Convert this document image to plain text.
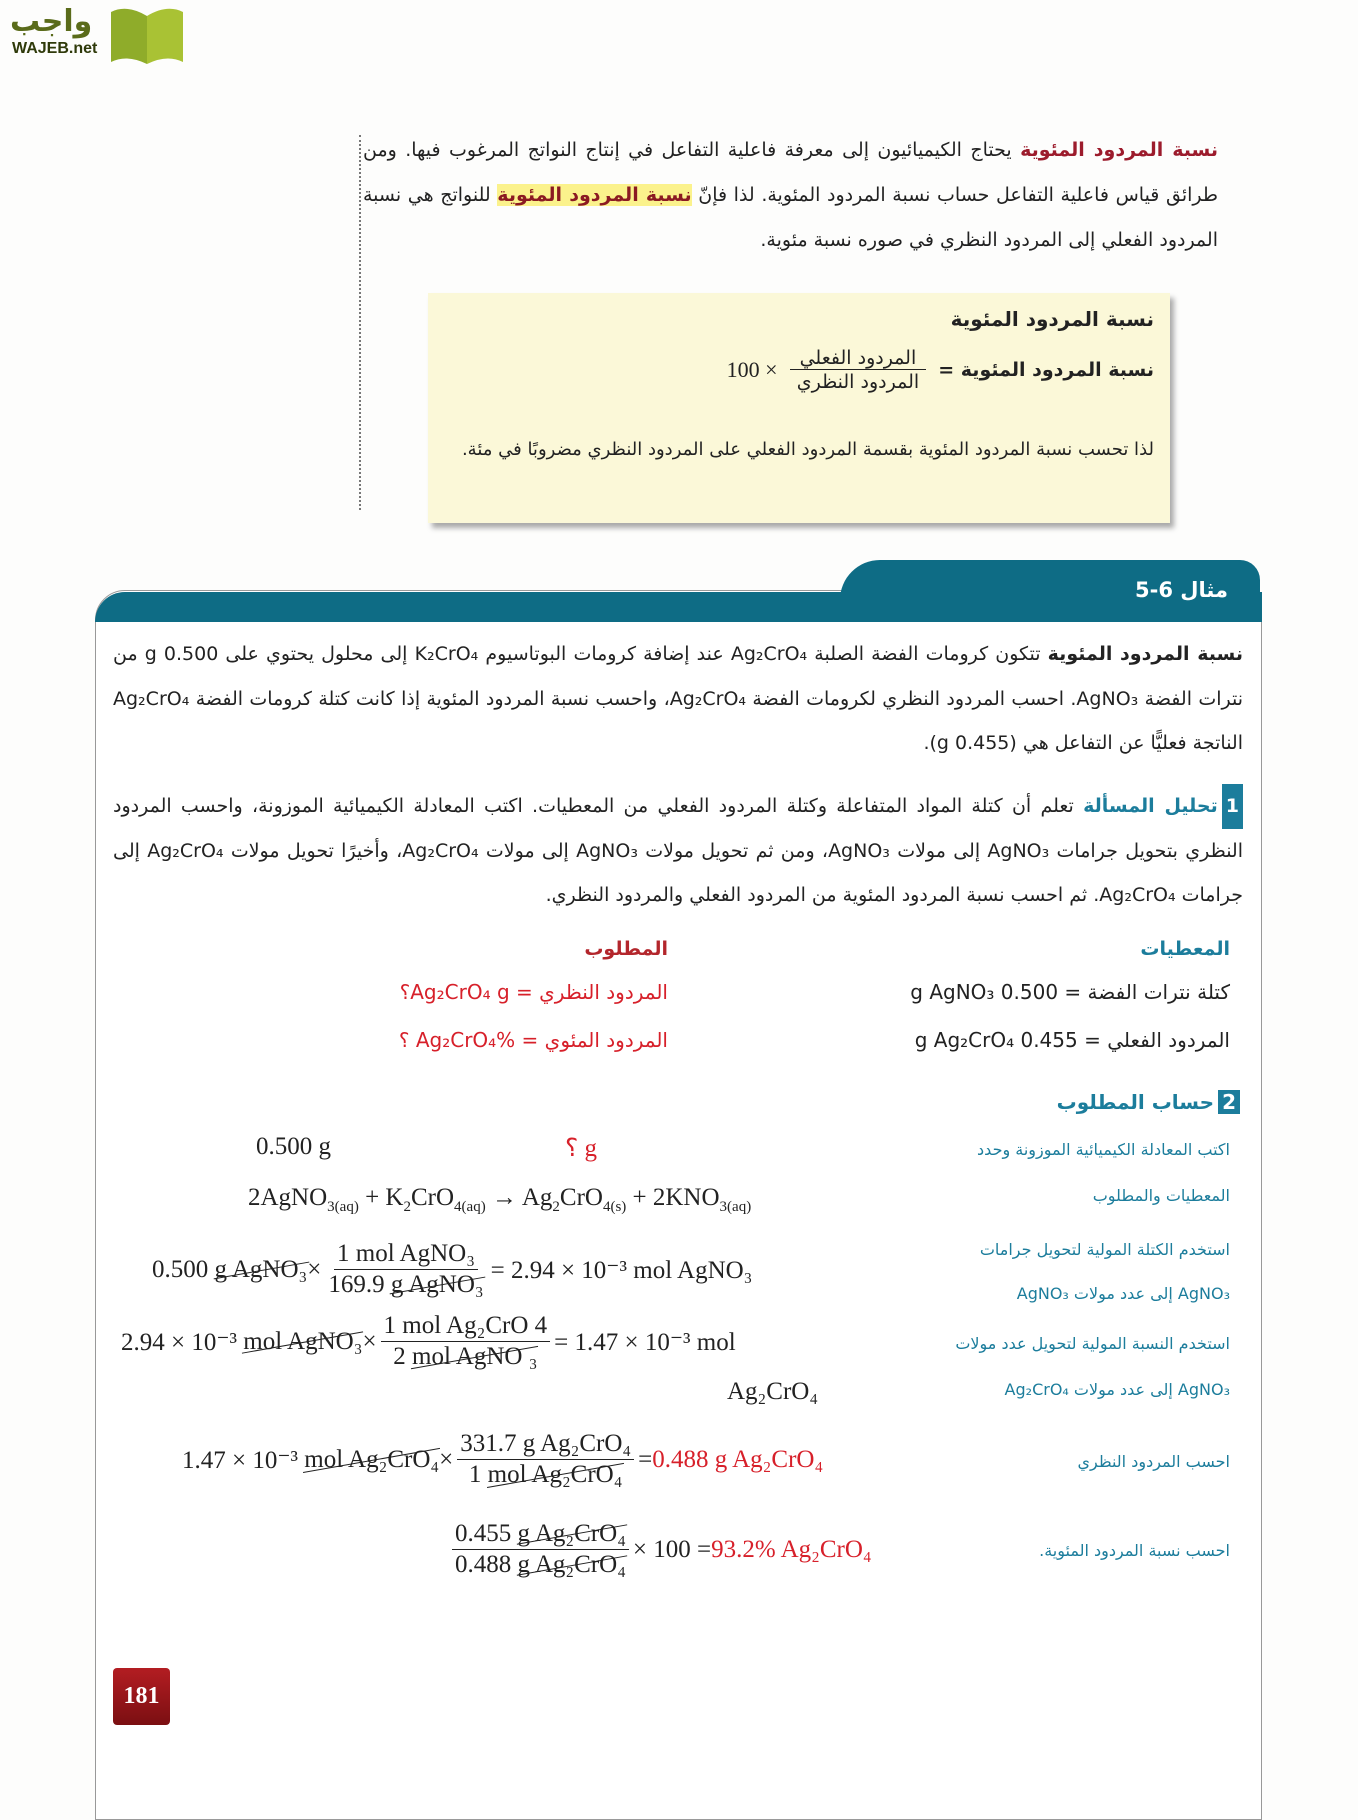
واجب
WAJEB.net

نسبة المردود المئوية يحتاج الكيميائيون إلى معرفة فاعلية التفاعل في إنتاج النواتج المرغوب فيها. ومن طرائق قياس فاعلية التفاعل حساب نسبة المردود المئوية. لذا فإنّ نسبة المردود المئوية للنواتج هي نسبة المردود الفعلي إلى المردود النظري في صوره نسبة مئوية.

نسبة المردود المئوية
نسبة المردود المئوية =
$\frac{\text{المردود الفعلي}}{\text{المردود النظري}}$
× 100

لذا تحسب نسبة المردود المئوية بقسمة المردود الفعلي على المردود النظري مضروبًا في مئة.

مثال 6-5

نسبة المردود المئوية تتكون كرومات الفضة الصلبة Ag₂CrO₄ عند إضافة كرومات البوتاسيوم K₂CrO₄ إلى محلول يحتوي على 0.500 g من نترات الفضة AgNO₃. احسب المردود النظري لكرومات الفضة Ag₂CrO₄، واحسب نسبة المردود المئوية إذا كانت كتلة كرومات الفضة Ag₂CrO₄ الناتجة فعليًّا عن التفاعل هي (0.455 g).

1تحليل المسألة تعلم أن كتلة المواد المتفاعلة وكتلة المردود الفعلي من المعطيات. اكتب المعادلة الكيميائية الموزونة، واحسب المردود النظري بتحويل جرامات AgNO₃ إلى مولات AgNO₃، ومن ثم تحويل مولات AgNO₃ إلى مولات Ag₂CrO₄، وأخيرًا تحويل مولات Ag₂CrO₄ إلى جرامات Ag₂CrO₄. ثم احسب نسبة المردود المئوية من المردود الفعلي والمردود النظري.

المعطيات
كتلة نترات الفضة = 0.500 g AgNO₃
المردود الفعلي = 0.455 g Ag₂CrO₄
المطلوب
المردود النظري = Ag₂CrO₄ g؟
المردود المئوي = Ag₂CrO₄% ؟
2حساب المطلوب
اكتب المعادلة الكيميائية الموزونة وحدد
المعطيات والمطلوب
استخدم الكتلة المولية لتحويل جرامات
AgNO₃ إلى عدد مولات AgNO₃
استخدم النسبة المولية لتحويل عدد مولات
AgNO₃ إلى عدد مولات Ag₂CrO₄
احسب المردود النظري
احسب نسبة المردود المئوية.
0.500 g	؟ g
2AgNO$_{3(aq)}$ + $K_2CrO_{4(aq)} \to Ag_2CrO_{4(s)} + 2KNO_{3(aq)}$
0.500
g AgNO₃ × $\frac{\text{1 mol AgNO₃}}{\text{169.9 g AgNO₃}} = 2.94 \times 10^{-3}$ mol AgNO₃
2.94 × 10⁻³
mol AgNO₃ × $\frac{\text{1 mol Ag₂CrO 4}}{\text{2 mol AgNO ₃}} = 1.47 \times 10^{-3}$ mol
Ag₂CrO₄
1.47 × 10⁻³
mol $Ag_2CrO_4 \times \frac{\text{331.7 g Ag₂CrO₄}}{\text{1 mol Ag₂CrO₄}} = 0.488$ g Ag₂CrO₄
$\frac{\text{0.455 g Ag₂CrO₄}}{\text{0.488 g Ag₂CrO₄}} \times 100 = 93.2\%$ Ag₂CrO₄
181
